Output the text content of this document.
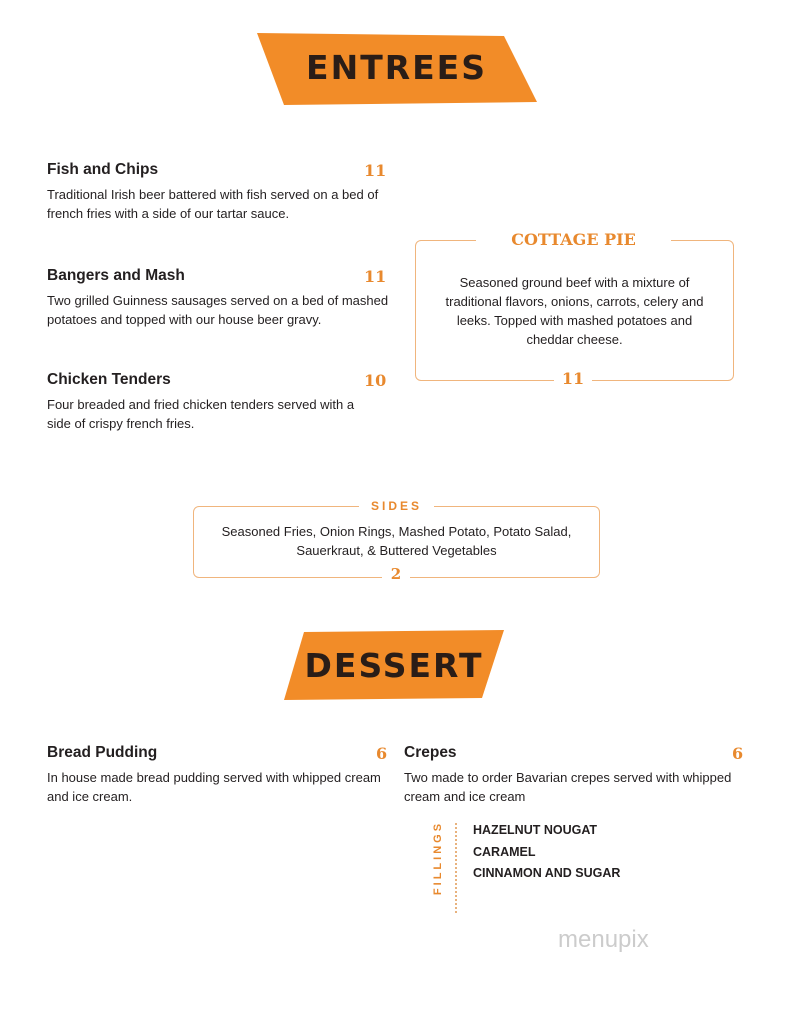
ENTREES
Fish and Chips	11
Traditional Irish beer battered with fish served on a bed of french fries with a side of our tartar sauce.
Bangers and Mash	11
Two grilled Guinness sausages served on a bed of mashed potatoes and topped with our house beer gravy.
Chicken Tenders	10
Four breaded and fried chicken tenders served with a side of crispy french fries.
COTTAGE PIE
Seasoned ground beef with a mixture of traditional flavors, onions, carrots, celery and leeks. Topped with mashed potatoes and cheddar cheese.
11
SIDES
Seasoned Fries, Onion Rings, Mashed Potato, Potato Salad, Sauerkraut, & Buttered Vegetables
2
DESSERT
Bread Pudding	6
In house made bread pudding served with whipped cream and ice cream.
Crepes	6
Two made to order Bavarian crepes served with whipped cream and ice cream
FILLINGS HAZELNUT NOUGAT
CARAMEL
CINNAMON AND SUGAR
menupix
